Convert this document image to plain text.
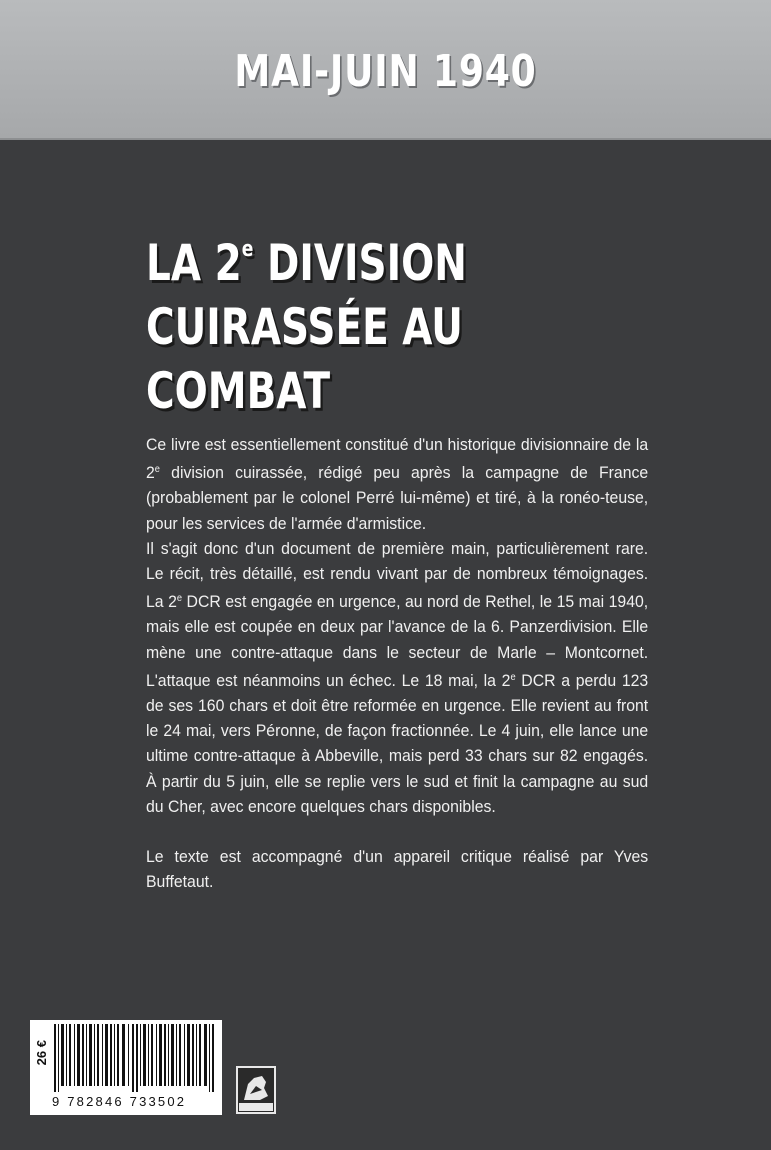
MAI-JUIN 1940
LA 2e DIVISION
CUIRASSÉE AU COMBAT

Ce livre est essentiellement constitué d'un historique divisionnaire de la 2e division cuirassée, rédigé peu après la campagne de France (probablement par le colonel Perré lui-même) et tiré, à la ronéo-teuse, pour les services de l'armée d'armistice.

Il s'agit donc d'un document de première main, particulièrement rare. Le récit, très détaillé, est rendu vivant par de nombreux témoignages. La 2e DCR est engagée en urgence, au nord de Rethel, le 15 mai 1940, mais elle est coupée en deux par l'avance de la 6. Panzerdivision. Elle mène une contre-attaque dans le secteur de Marle – Montcornet. L'attaque est néanmoins un échec. Le 18 mai, la 2e DCR a perdu 123 de ses 160 chars et doit être reformée en urgence. Elle revient au front le 24 mai, vers Péronne, de façon fractionnée. Le 4 juin, elle lance une ultime contre-attaque à Abbeville, mais perd 33 chars sur 82 engagés. À partir du 5 juin, elle se replie vers le sud et finit la campagne au sud du Cher, avec encore quelques chars disponibles.

Le texte est accompagné d'un appareil critique réalisé par Yves Buffetaut.

26 €
9 782846 733502
